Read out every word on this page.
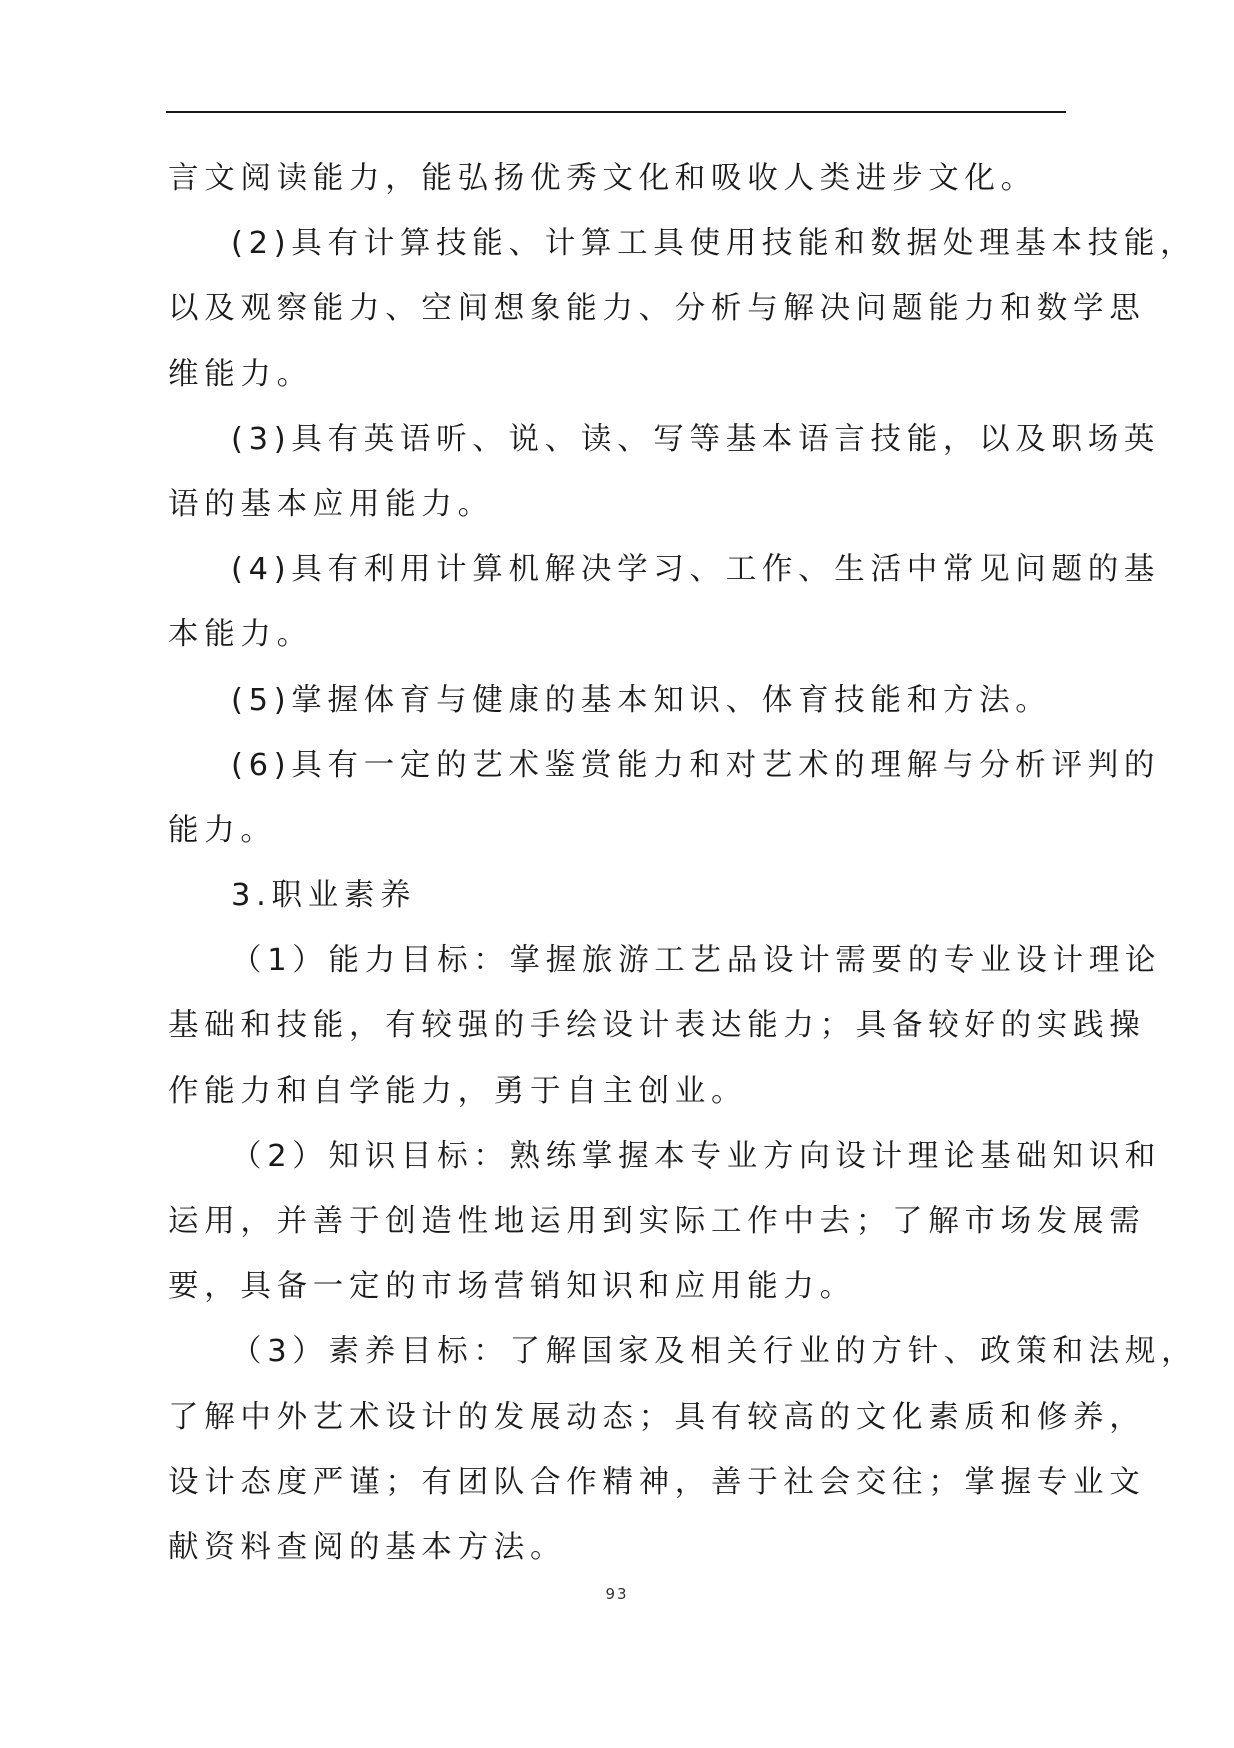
言文阅读能力，能弘扬优秀文化和吸收人类进步文化。
(2)具有计算技能、计算工具使用技能和数据处理基本技能，
以及观察能力、空间想象能力、分析与解决问题能力和数学思
维能力。
(3)具有英语听、说、读、写等基本语言技能，以及职场英
语的基本应用能力。
(4)具有利用计算机解决学习、工作、生活中常见问题的基
本能力。
(5)掌握体育与健康的基本知识、体育技能和方法。
(6)具有一定的艺术鉴赏能力和对艺术的理解与分析评判的
能力。
3.职业素养
（1）能力目标：掌握旅游工艺品设计需要的专业设计理论
基础和技能，有较强的手绘设计表达能力；具备较好的实践操
作能力和自学能力，勇于自主创业。
（2）知识目标：熟练掌握本专业方向设计理论基础知识和
运用，并善于创造性地运用到实际工作中去；了解市场发展需
要，具备一定的市场营销知识和应用能力。
（3）素养目标：了解国家及相关行业的方针、政策和法规，
了解中外艺术设计的发展动态；具有较高的文化素质和修养，
设计态度严谨；有团队合作精神，善于社会交往；掌握专业文
献资料查阅的基本方法。
93
